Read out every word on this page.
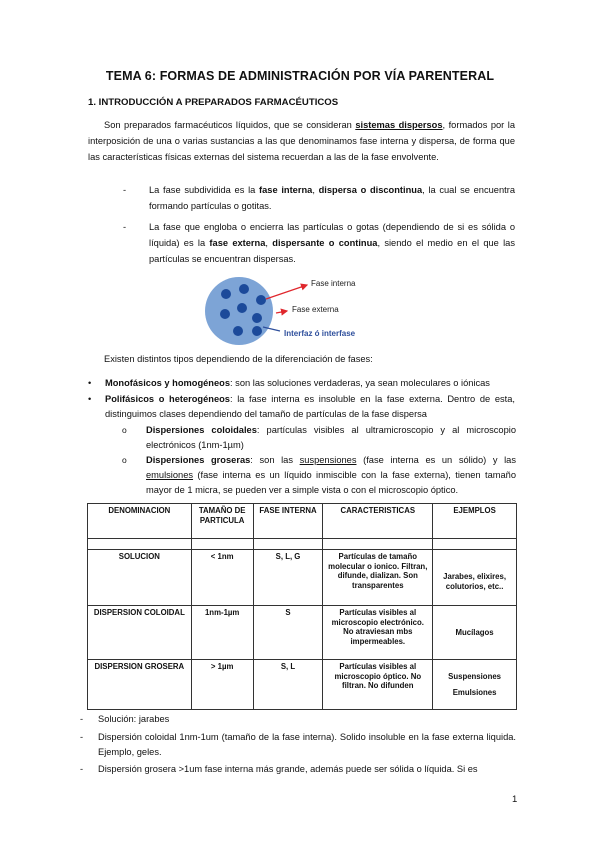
TEMA 6: FORMAS DE ADMINISTRACIÓN POR VÍA PARENTERAL
1. INTRODUCCIÓN A PREPARADOS FARMACÉUTICOS
Son preparados farmacéuticos líquidos, que se consideran sistemas dispersos, formados por la interposición de una o varias sustancias a las que denominamos fase interna y dispersa, de forma que las características físicas externas del sistema recuerdan a las de la fase envolvente.
- La fase subdividida es la fase interna, dispersa o discontinua, la cual se encuentra formando partículas o gotitas.
- La fase que engloba o encierra las partículas o gotas (dependiendo de si es sólida o líquida) es la fase externa, dispersante o continua, siendo el medio en el que las partículas se encuentran dispersas.
Fase interna
Fase externa
Interfaz ó interfase
Existen distintos tipos dependiendo de la diferenciación de fases:
• Monofásicos y homogéneos: son las soluciones verdaderas, ya sean moleculares o iónicas
• Polifásicos o heterogéneos: la fase interna es insoluble en la fase externa. Dentro de esta, distinguimos clases dependiendo del tamaño de partículas de la fase dispersa
o Dispersiones coloidales: partículas visibles al ultramicroscopio y al microscopio electrónicos (1nm-1µm)
o Dispersiones groseras: son las suspensiones (fase interna es un sólido) y las emulsiones (fase interna es un líquido inmiscible con la fase externa), tienen tamaño mayor de 1 micra, se pueden ver a simple vista o con el microscopio óptico.
DENOMINACION	TAMAÑO DE PARTICULA	FASE INTERNA	CARACTERISTICAS	EJEMPLOS

SOLUCION	< 1nm	S, L, G	Partículas de tamaño molecular o ionico. Filtran, difunde, dializan. Son transparentes	Jarabes, elixires, colutorios, etc..
DISPERSION COLOIDAL	1nm-1µm	S	Partículas visibles al microscopio electrónico. No atraviesan mbs impermeables.	Mucílagos
DISPERSION GROSERA	> 1µm	S, L	Partículas visibles al microscopio óptico. No filtran. No difunden	Suspensiones
Emulsiones
- Solución: jarabes
- Dispersión coloidal 1nm-1um (tamaño de la fase interna). Solido insoluble en la fase externa liquida. Ejemplo, geles.
- Dispersión grosera >1um fase interna más grande, además puede ser sólida o líquida. Si es
1
